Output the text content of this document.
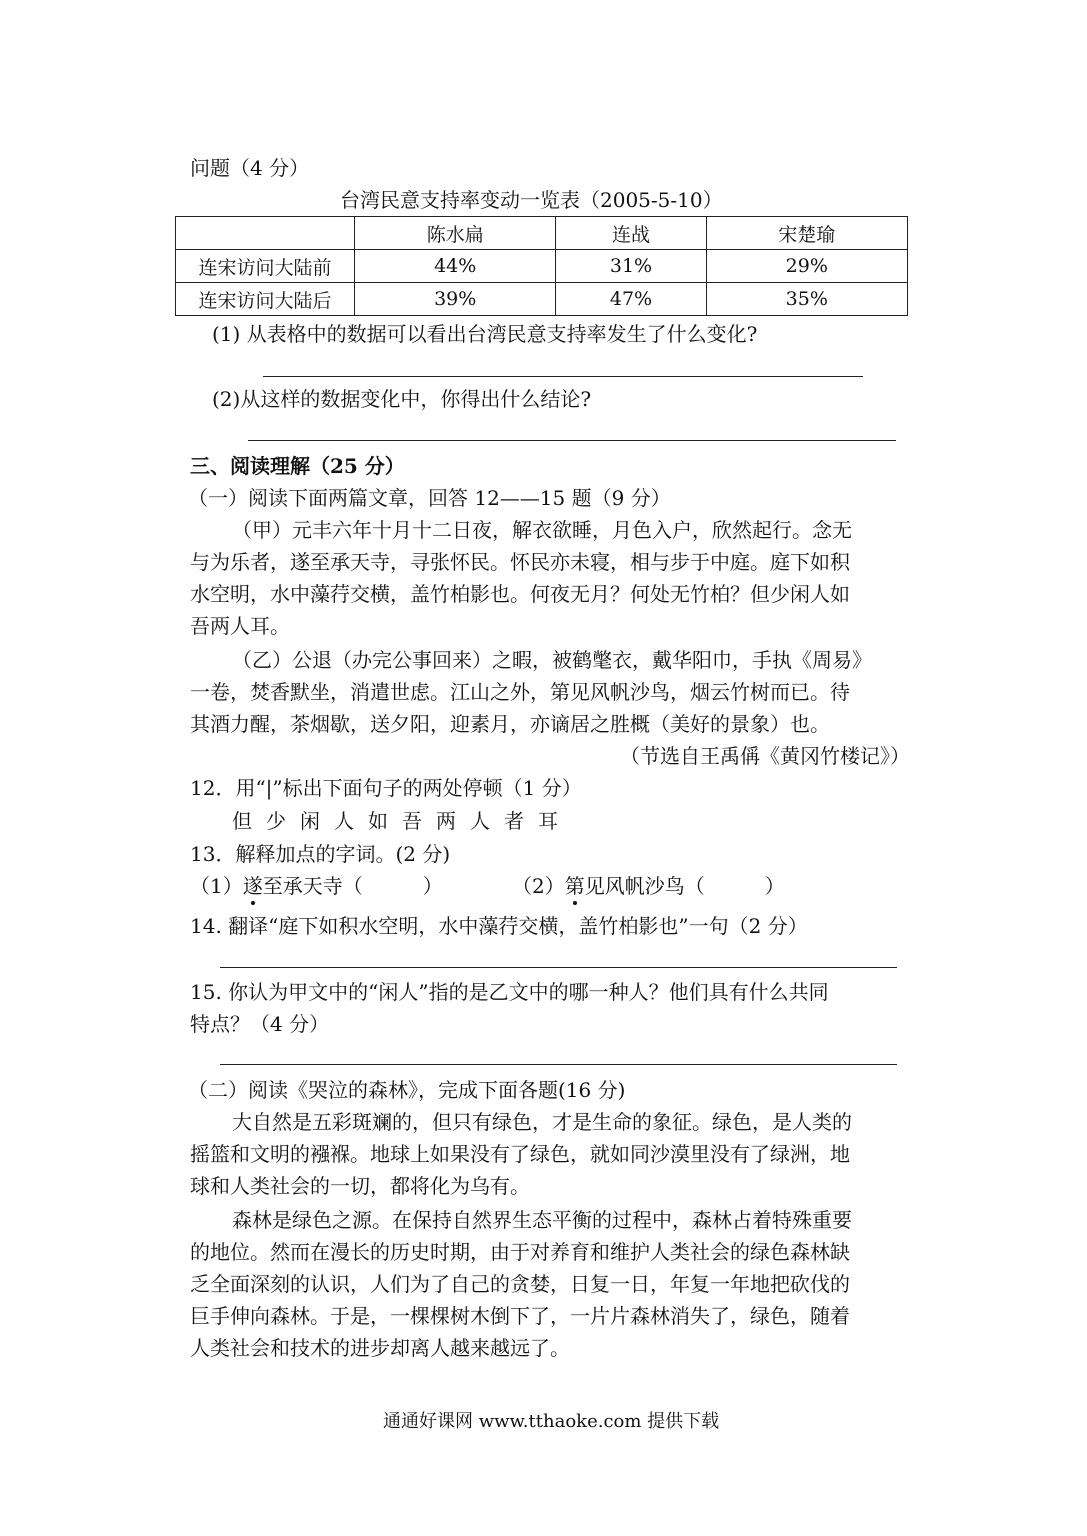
问题（4 分）
台湾民意支持率变动一览表（2005-5-10）
	陈水扁	连战	宋楚瑜
连宋访问大陆前	44%	31%	29%
连宋访问大陆后	39%	47%	35%
(1) 从表格中的数据可以看出台湾民意支持率发生了什么变化?
(2)从这样的数据变化中，你得出什么结论?
三、阅读理解（25 分）
（一）阅读下面两篇文章，回答 12——15 题（9 分）
（甲）元丰六年十月十二日夜，解衣欲睡，月色入户，欣然起行。念无
与为乐者，遂至承天寺，寻张怀民。怀民亦未寝，相与步于中庭。庭下如积
水空明，水中藻荇交横，盖竹柏影也。何夜无月？何处无竹柏？但少闲人如
吾两人耳。
（乙）公退（办完公事回来）之暇，被鹤氅衣，戴华阳巾，手执《周易》
一卷，焚香默坐，消遣世虑。江山之外，第见风帆沙鸟，烟云竹树而已。待
其酒力醒，茶烟歇，送夕阳，迎素月，亦谪居之胜概（美好的景象）也。
（节选自王禹偁《黄冈竹楼记》）
12．用“|”标出下面句子的两处停顿（1 分）
但少闲人如吾两人者耳
13．解释加点的字词。(2 分)
（1）遂至承天寺（　　　）	（2）第见风帆沙鸟（　　　）
14. 翻译“庭下如积水空明，水中藻荇交横，盖竹柏影也”一句（2 分）
15. 你认为甲文中的“闲人”指的是乙文中的哪一种人？他们具有什么共同
特点？（4 分）
（二）阅读《哭泣的森林》，完成下面各题(16 分)
大自然是五彩斑斓的，但只有绿色，才是生命的象征。绿色，是人类的
摇篮和文明的襁褓。地球上如果没有了绿色，就如同沙漠里没有了绿洲，地
球和人类社会的一切，都将化为乌有。
森林是绿色之源。在保持自然界生态平衡的过程中，森林占着特殊重要
的地位。然而在漫长的历史时期，由于对养育和维护人类社会的绿色森林缺
乏全面深刻的认识，人们为了自己的贪婪，日复一日，年复一年地把砍伐的
巨手伸向森林。于是，一棵棵树木倒下了，一片片森林消失了，绿色，随着
人类社会和技术的进步却离人越来越远了。
通通好课网 www.tthaoke.com 提供下载
